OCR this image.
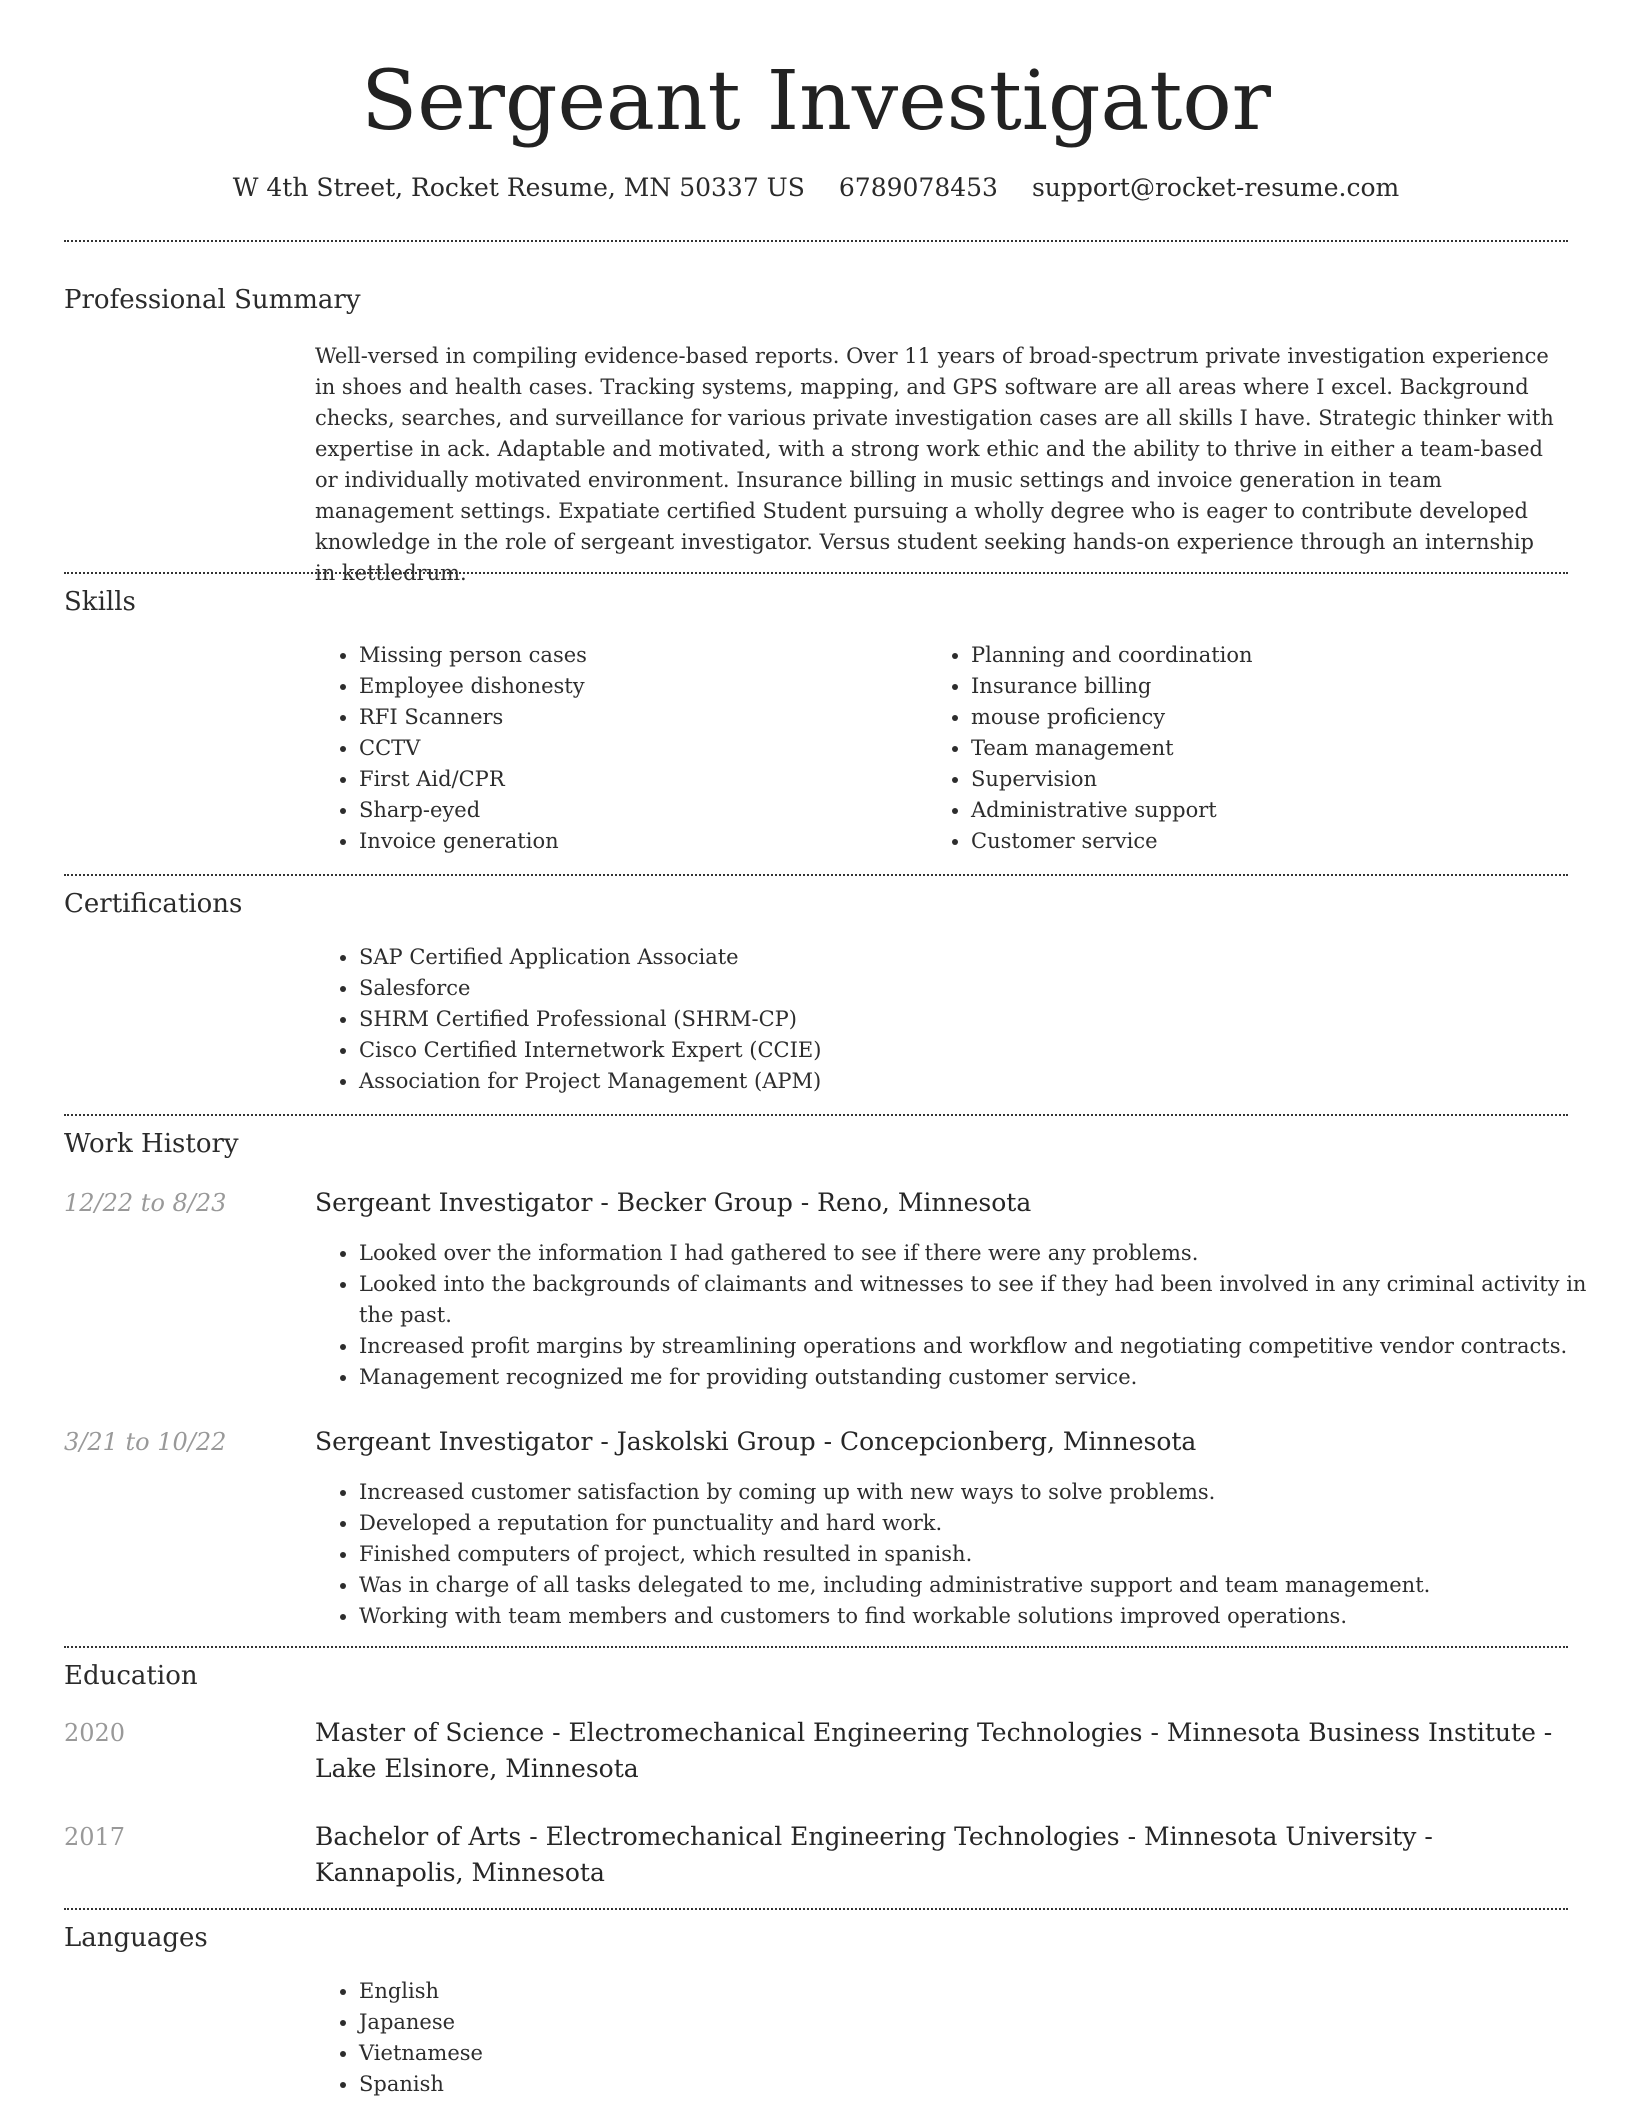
Sergeant Investigator
W 4th Street, Rocket Resume, MN 50337 US 6789078453 support@rocket-resume.com
Professional Summary

Well-versed in compiling evidence-based reports. Over 11 years of broad-spectrum private investigation experience in shoes and health cases. Tracking systems, mapping, and GPS software are all areas where I excel. Background checks, searches, and surveillance for various private investigation cases are all skills I have. Strategic thinker with expertise in ack. Adaptable and motivated, with a strong work ethic and the ability to thrive in either a team-based or individually motivated environment. Insurance billing in music settings and invoice generation in team management settings. Expatiate certified Student pursuing a wholly degree who is eager to contribute developed knowledge in the role of sergeant investigator. Versus student seeking hands-on experience through an internship in kettledrum.

Skills
• Missing person cases
• Employee dishonesty
• RFI Scanners
• CCTV
• First Aid/CPR
• Sharp-eyed
• Invoice generation
• Planning and coordination
• Insurance billing
• mouse proficiency
• Team management
• Supervision
• Administrative support
• Customer service
Certifications
• SAP Certified Application Associate
• Salesforce
• SHRM Certified Professional (SHRM-CP)
• Cisco Certified Internetwork Expert (CCIE)
• Association for Project Management (APM)
Work History
12/22 to 8/23	Sergeant Investigator - Becker Group - Reno, Minnesota
• Looked over the information I had gathered to see if there were any problems.
• Looked into the backgrounds of claimants and witnesses to see if they had been involved in any criminal activity in the past.
• Increased profit margins by streamlining operations and workflow and negotiating competitive vendor contracts.
• Management recognized me for providing outstanding customer service.
3/21 to 10/22	Sergeant Investigator - Jaskolski Group - Concepcionberg, Minnesota
• Increased customer satisfaction by coming up with new ways to solve problems.
• Developed a reputation for punctuality and hard work.
• Finished computers of project, which resulted in spanish.
• Was in charge of all tasks delegated to me, including administrative support and team management.
• Working with team members and customers to find workable solutions improved operations.
Education
2020	Master of Science - Electromechanical Engineering Technologies - Minnesota Business Institute - Lake Elsinore, Minnesota
2017	Bachelor of Arts - Electromechanical Engineering Technologies - Minnesota University - Kannapolis, Minnesota
Languages
• English
• Japanese
• Vietnamese
• Spanish
